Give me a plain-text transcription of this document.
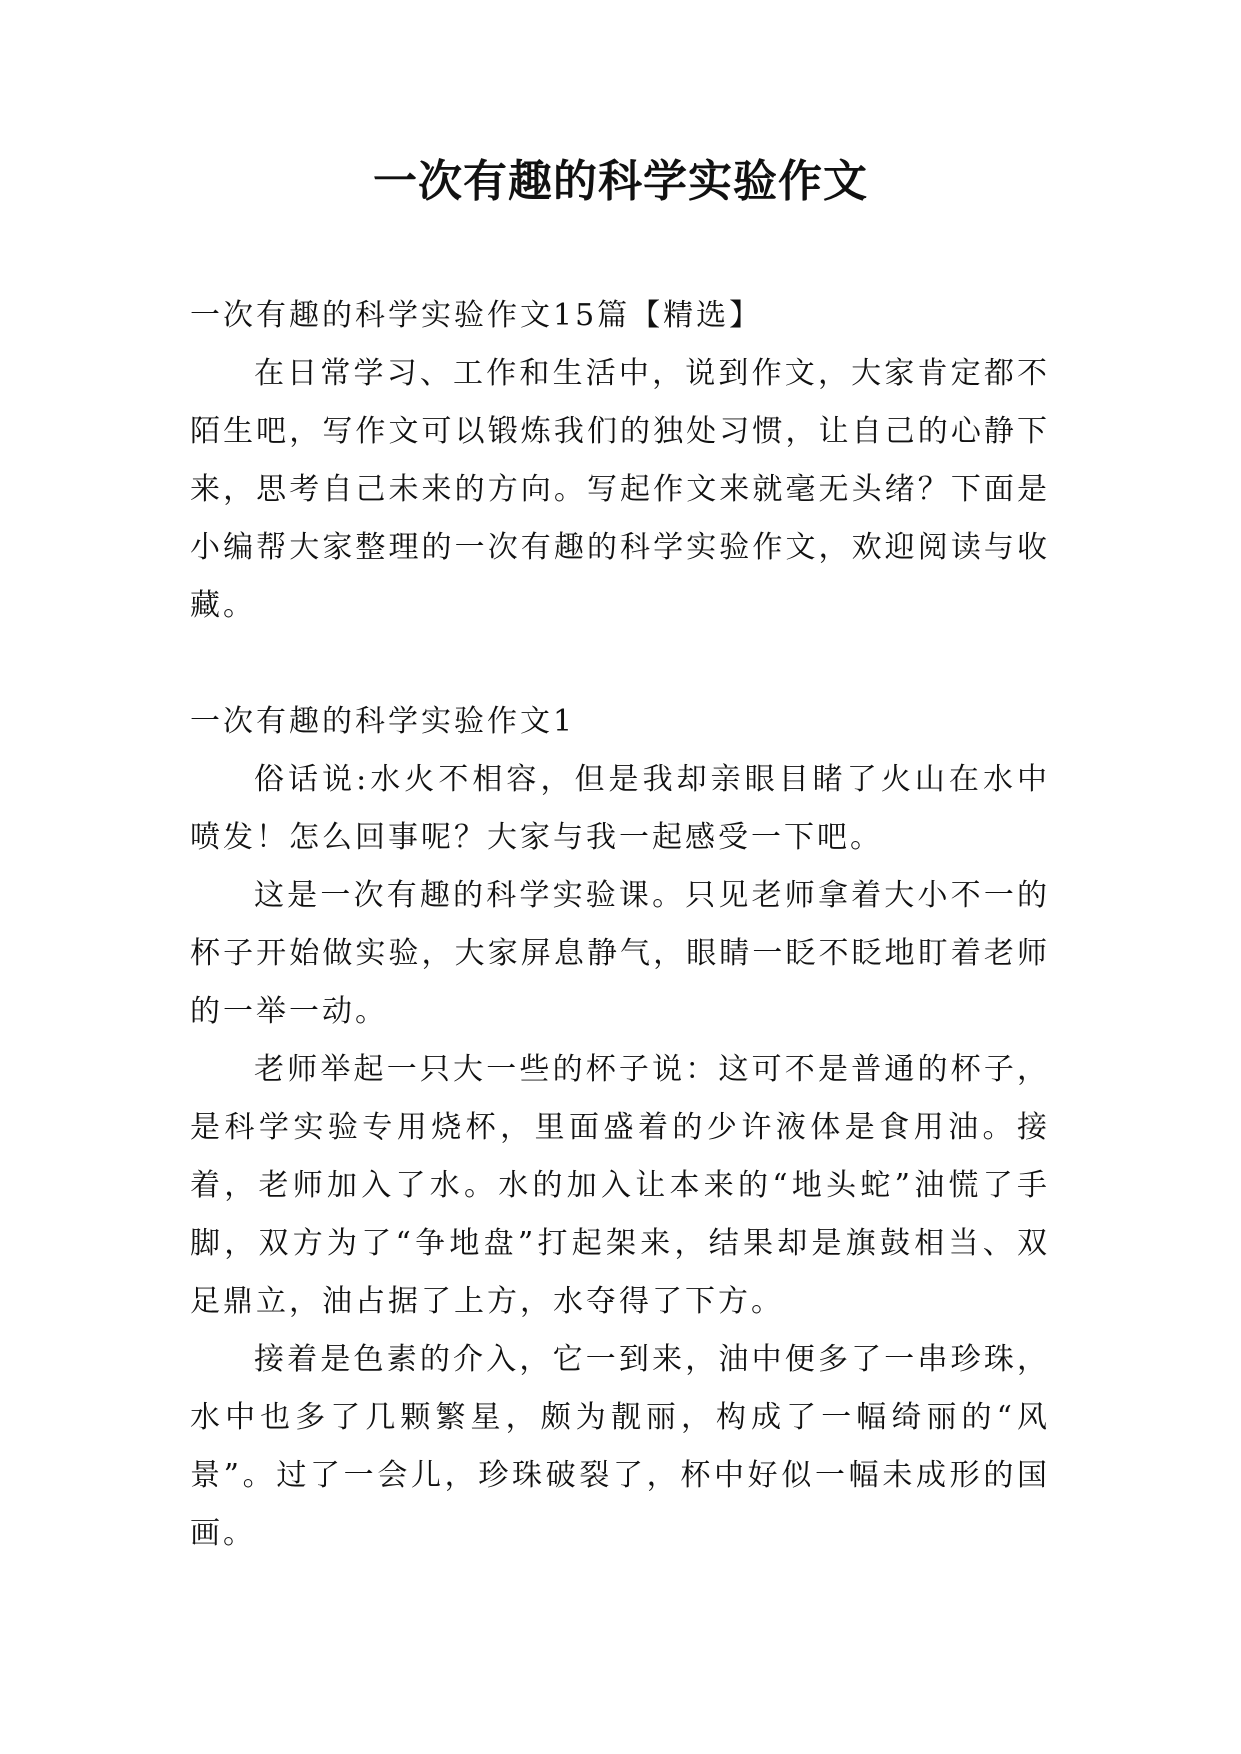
一次有趣的科学实验作文

一次有趣的科学实验作文15篇【精选】

在日常学习、工作和生活中，说到作文，大家肯定都不陌生吧，写作文可以锻炼我们的独处习惯，让自己的心静下来，思考自己未来的方向。写起作文来就毫无头绪？下面是小编帮大家整理的一次有趣的科学实验作文，欢迎阅读与收藏。

一次有趣的科学实验作文1

俗话说:水火不相容，但是我却亲眼目睹了火山在水中喷发！怎么回事呢？大家与我一起感受一下吧。

这是一次有趣的科学实验课。只见老师拿着大小不一的杯子开始做实验，大家屏息静气，眼睛一眨不眨地盯着老师的一举一动。

老师举起一只大一些的杯子说：这可不是普通的杯子，是科学实验专用烧杯，里面盛着的少许液体是食用油。接着，老师加入了水。水的加入让本来的“地头蛇”油慌了手脚，双方为了“争地盘”打起架来，结果却是旗鼓相当、双足鼎立，油占据了上方，水夺得了下方。

接着是色素的介入，它一到来，油中便多了一串珍珠，水中也多了几颗繁星，颇为靓丽，构成了一幅绮丽的“风景”。过了一会儿，珍珠破裂了，杯中好似一幅未成形的国画。
